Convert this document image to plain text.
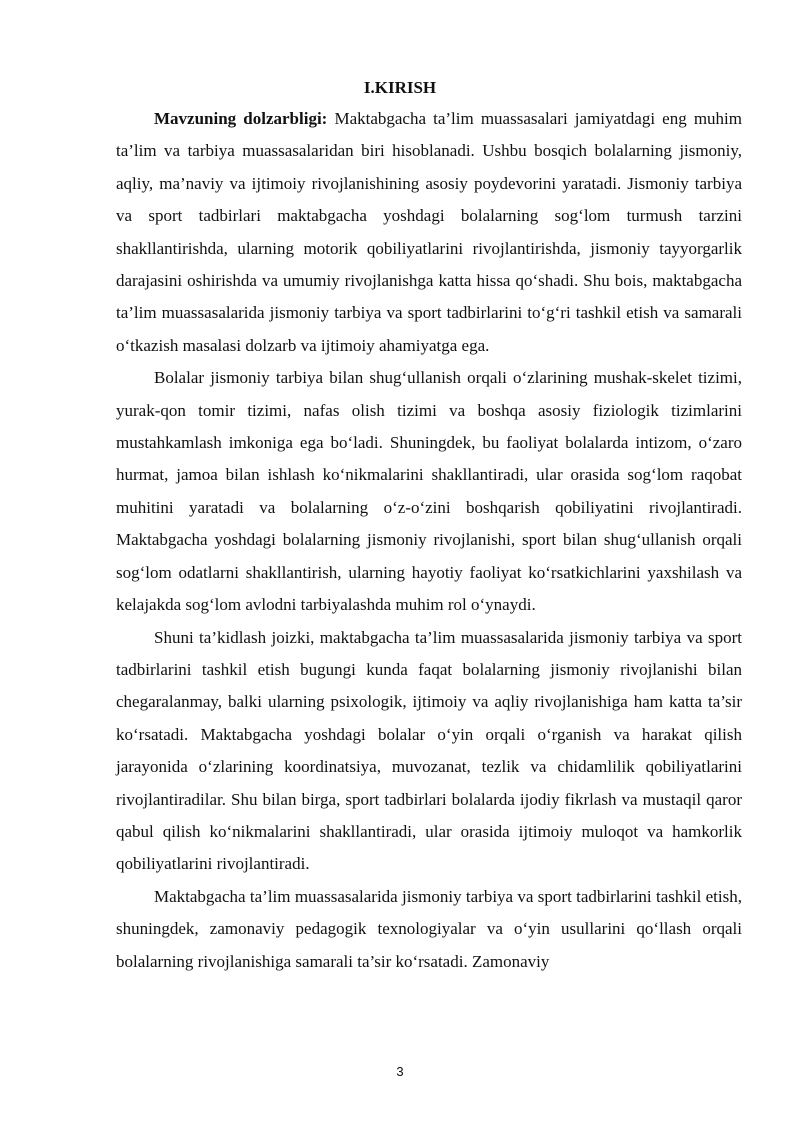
I.KIRISH

Mavzuning dolzarbligi: Maktabgacha ta’lim muassasalari jamiyatdagi eng muhim ta’lim va tarbiya muassasalaridan biri hisoblanadi. Ushbu bosqich bolalarning jismoniy, aqliy, ma’naviy va ijtimoiy rivojlanishining asosiy poydevorini yaratadi. Jismoniy tarbiya va sport tadbirlari maktabgacha yoshdagi bolalarning sog‘lom turmush tarzini shakllantirishda, ularning motorik qobiliyatlarini rivojlantirishda, jismoniy tayyorgarlik darajasini oshirishda va umumiy rivojlanishga katta hissa qo‘shadi. Shu bois, maktabgacha ta’lim muassasalarida jismoniy tarbiya va sport tadbirlarini to‘g‘ri tashkil etish va samarali o‘tkazish masalasi dolzarb va ijtimoiy ahamiyatga ega.

Bolalar jismoniy tarbiya bilan shug‘ullanish orqali o‘zlarining mushak-skelet tizimi, yurak-qon tomir tizimi, nafas olish tizimi va boshqa asosiy fiziologik tizimlarini mustahkamlash imkoniga ega bo‘ladi. Shuningdek, bu faoliyat bolalarda intizom, o‘zaro hurmat, jamoa bilan ishlash ko‘nikmalarini shakllantiradi, ular orasida sog‘lom raqobat muhitini yaratadi va bolalarning o‘z-o‘zini boshqarish qobiliyatini rivojlantiradi. Maktabgacha yoshdagi bolalarning jismoniy rivojlanishi, sport bilan shug‘ullanish orqali sog‘lom odatlarni shakllantirish, ularning hayotiy faoliyat ko‘rsatkichlarini yaxshilash va kelajakda sog‘lom avlodni tarbiyalashda muhim rol o‘ynaydi.

Shuni ta’kidlash joizki, maktabgacha ta’lim muassasalarida jismoniy tarbiya va sport tadbirlarini tashkil etish bugungi kunda faqat bolalarning jismoniy rivojlanishi bilan chegaralanmay, balki ularning psixologik, ijtimoiy va aqliy rivojlanishiga ham katta ta’sir ko‘rsatadi. Maktabgacha yoshdagi bolalar o‘yin orqali o‘rganish va harakat qilish jarayonida o‘zlarining koordinatsiya, muvozanat, tezlik va chidamlilik qobiliyatlarini rivojlantiradilar. Shu bilan birga, sport tadbirlari bolalarda ijodiy fikrlash va mustaqil qaror qabul qilish ko‘nikmalarini shakllantiradi, ular orasida ijtimoiy muloqot va hamkorlik qobiliyatlarini rivojlantiradi.

Maktabgacha ta’lim muassasalarida jismoniy tarbiya va sport tadbirlarini tashkil etish, shuningdek, zamonaviy pedagogik texnologiyalar va o‘yin usullarini qo‘llash orqali bolalarning rivojlanishiga samarali ta’sir ko‘rsatadi. Zamonaviy

3
